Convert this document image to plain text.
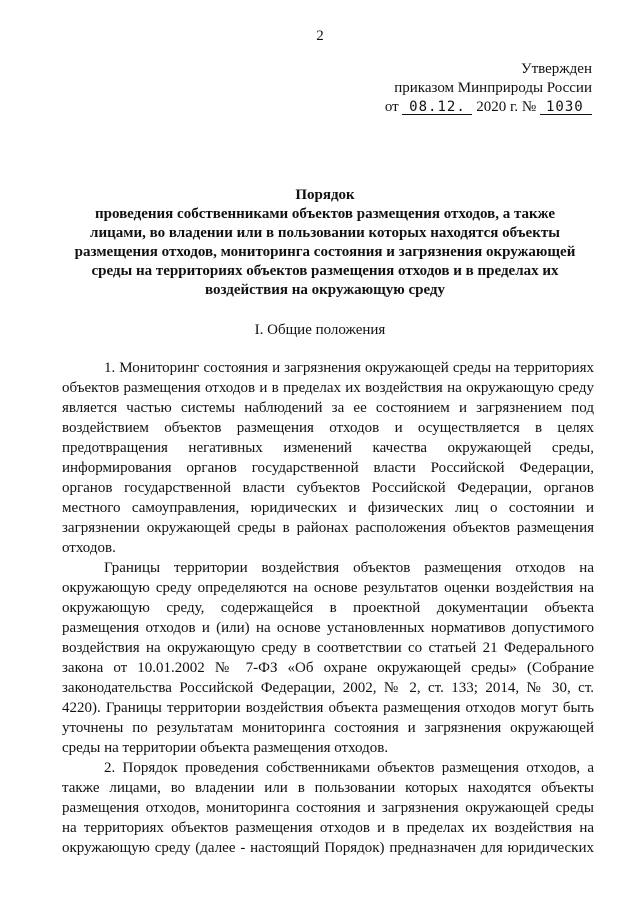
2
Утвержден
приказом Минприроды России
от 08.12. 2020 г. № 1030
Порядок
проведения собственниками объектов размещения отходов, а также
лицами, во владении или в пользовании которых находятся объекты
размещения отходов, мониторинга состояния и загрязнения окружающей
среды на территориях объектов размещения отходов и в пределах их
воздействия на окружающую среду
I. Общие положения
1. Мониторинг состояния и загрязнения окружающей среды на территориях
объектов размещения отходов и в пределах их воздействия на окружающую среду
является частью системы наблюдений за ее состоянием и загрязнением под
воздействием объектов размещения отходов и осуществляется в целях
предотвращения негативных изменений качества окружающей среды,
информирования органов государственной власти Российской Федерации,
органов государственной власти субъектов Российской Федерации, органов
местного самоуправления, юридических и физических лиц о состоянии и
загрязнении окружающей среды в районах расположения объектов размещения
отходов.
Границы территории воздействия объектов размещения отходов на
окружающую среду определяются на основе результатов оценки воздействия на
окружающую среду, содержащейся в проектной документации объекта
размещения отходов и (или) на основе установленных нормативов допустимого
воздействия на окружающую среду в соответствии со статьей 21 Федерального
закона от 10.01.2002 № 7-ФЗ «Об охране окружающей среды» (Собрание
законодательства Российской Федерации, 2002, № 2, ст. 133; 2014, № 30, ст.
4220). Границы территории воздействия объекта размещения отходов могут быть
уточнены по результатам мониторинга состояния и загрязнения окружающей
среды на территории объекта размещения отходов.
2. Порядок проведения собственниками объектов размещения отходов, а
также лицами, во владении или в пользовании которых находятся объекты
размещения отходов, мониторинга состояния и загрязнения окружающей среды
на территориях объектов размещения отходов и в пределах их воздействия на
окружающую среду (далее - настоящий Порядок) предназначен для юридических
